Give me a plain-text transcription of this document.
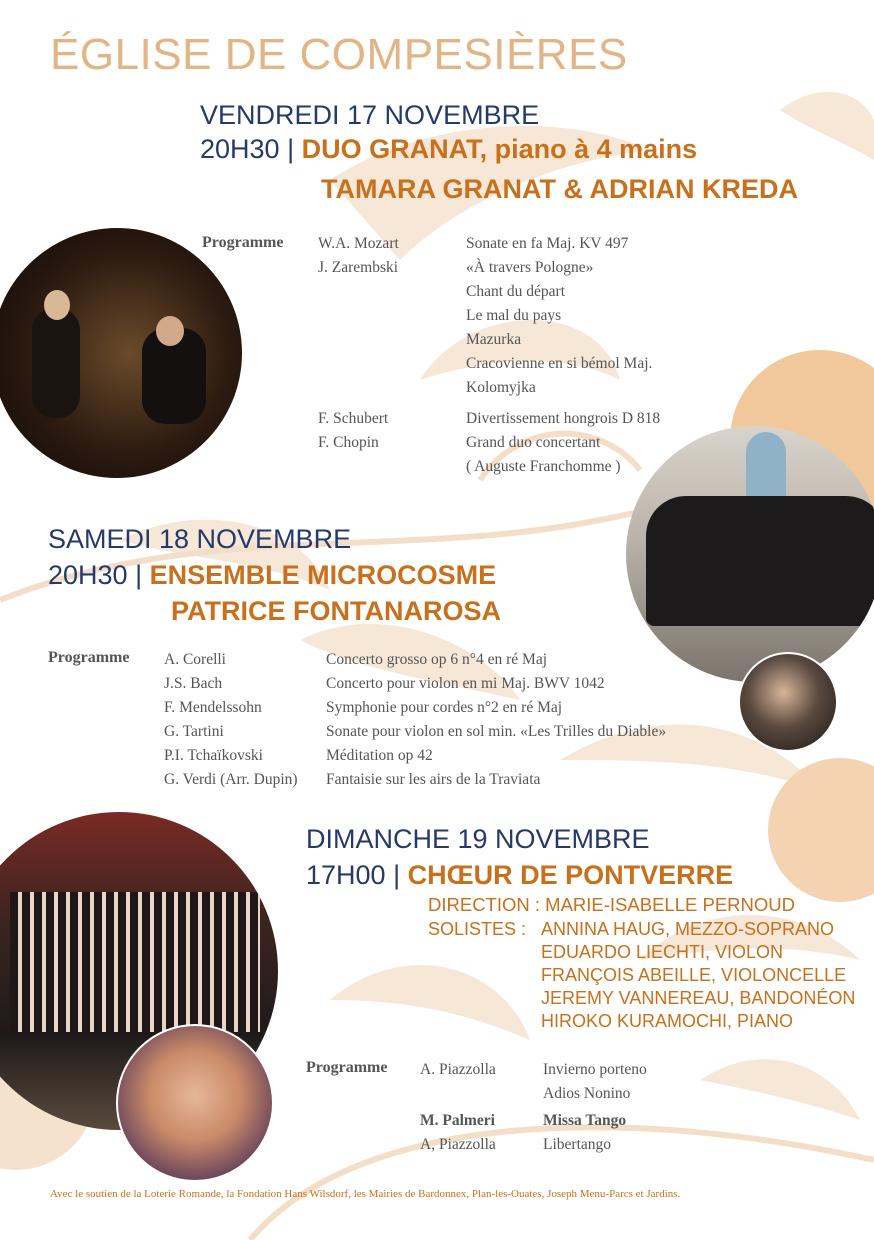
ÉGLISE DE COMPESIÈRES
VENDREDI 17 NOVEMBRE
20H30 | DUO GRANAT, piano à 4 mains
TAMARA GRANAT & ADRIAN KREDA
Programme W.A. Mozart	Sonate en fa Maj. KV 497
J. Zarembski	«À travers Pologne»
Chant du départ
Le mal du pays
Mazurka
Cracovienne en si bémol Maj.
Kolomyjka
F. Schubert	Divertissement hongrois D 818
F. Chopin	Grand duo concertant
( Auguste Franchomme )
SAMEDI 18 NOVEMBRE
20H30 | ENSEMBLE MICROCOSME
PATRICE FONTANAROSA
Programme A. Corelli	Concerto grosso op 6 n°4 en ré Maj
J.S. Bach	Concerto pour violon en mi Maj. BWV 1042
F. Mendelssohn	Symphonie pour cordes n°2 en ré Maj
G. Tartini	Sonate pour violon en sol min. «Les Trilles du Diable»
P.I. Tchaïkovski	Méditation op 42
G. Verdi (Arr. Dupin)	Fantaisie sur les airs de la Traviata
DIMANCHE 19 NOVEMBRE
17H00 | CHŒUR DE PONTVERRE
DIRECTION : MARIE-ISABELLE PERNOUD
SOLISTES : ANNINA HAUG, MEZZO-SOPRANO
EDUARDO LIECHTI, VIOLON
FRANÇOIS ABEILLE, VIOLONCELLE
JEREMY VANNEREAU, BANDONÉON
HIROKO KURAMOCHI, PIANO
Programme A. Piazzolla	Invierno porteno
Adios Nonino
M. Palmeri	Missa Tango
A, Piazzolla	Libertango
Avec le soutien de la Loterie Romande, la Fondation Hans Wilsdorf, les Mairies de Bardonnex, Plan-les-Ouates, Joseph Menu-Parcs et Jardins.
